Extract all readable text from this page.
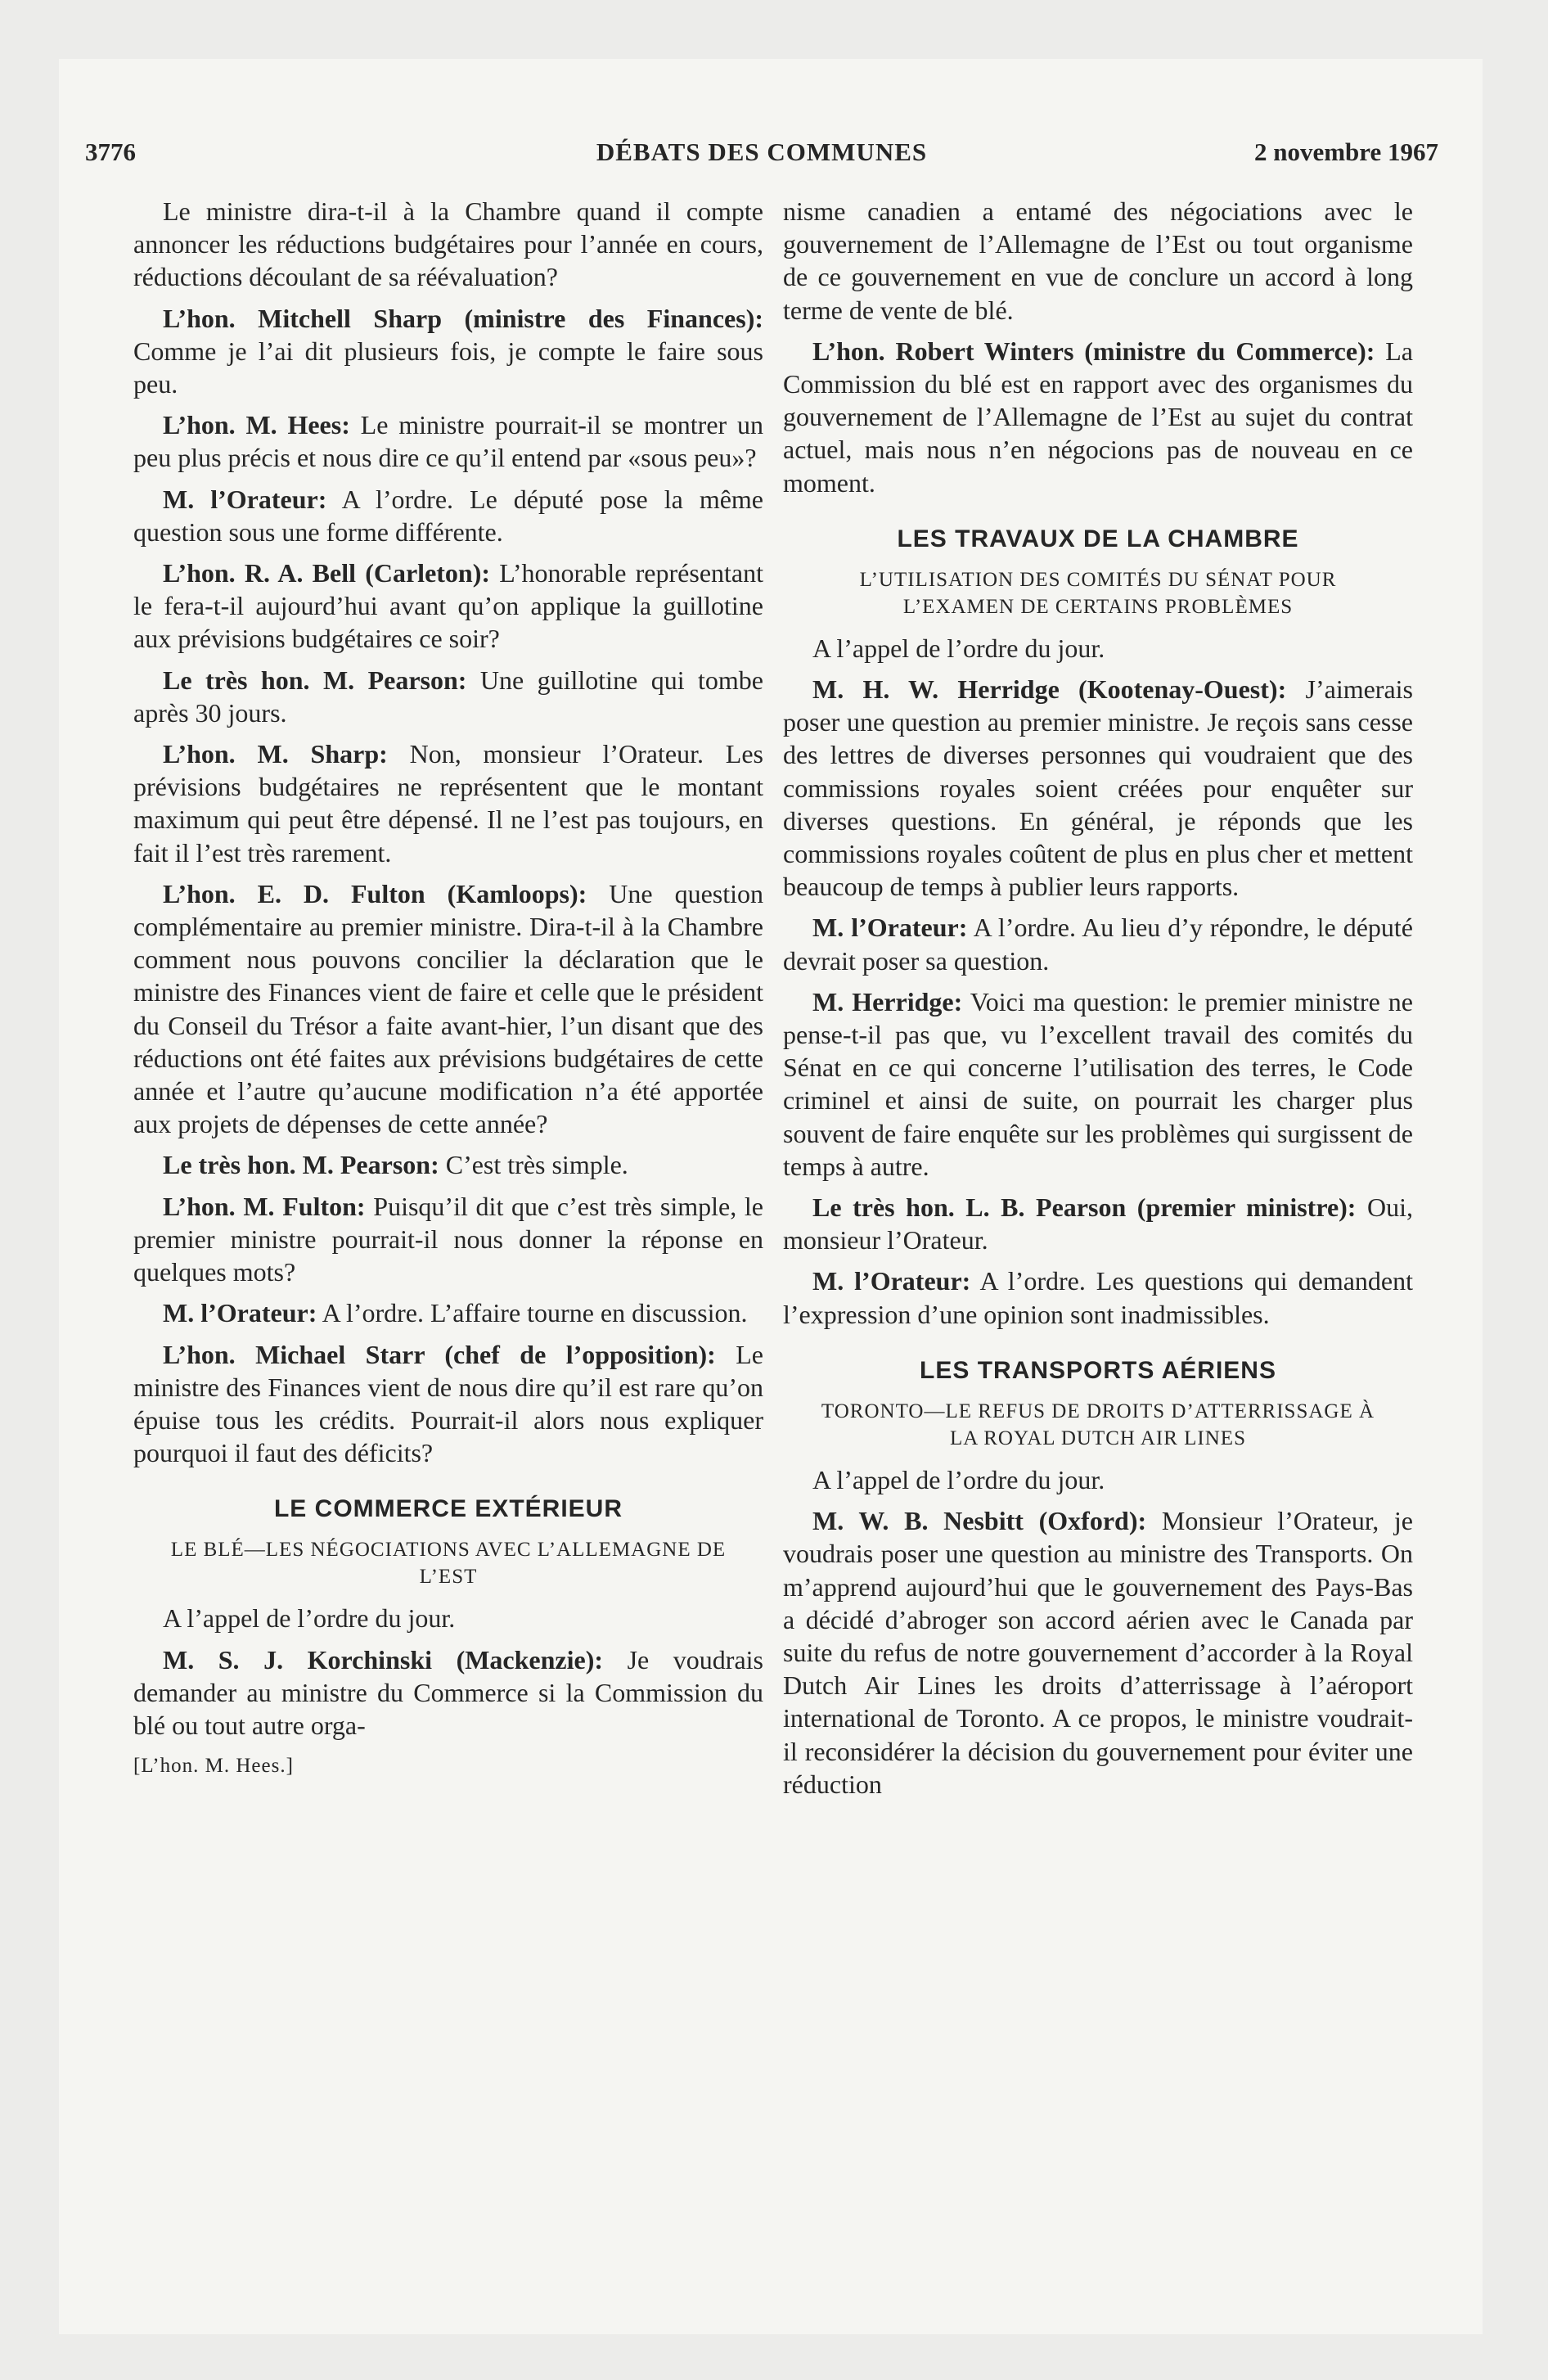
3776	DÉBATS DES COMMUNES	2 novembre 1967

Le ministre dira-t-il à la Chambre quand il compte annoncer les réductions budgétaires pour l’année en cours, réductions découlant de sa réévaluation?

L’hon. Mitchell Sharp (ministre des Finances): Comme je l’ai dit plusieurs fois, je compte le faire sous peu.

L’hon. M. Hees: Le ministre pourrait-il se montrer un peu plus précis et nous dire ce qu’il entend par «sous peu»?

M. l’Orateur: A l’ordre. Le député pose la même question sous une forme différente.

L’hon. R. A. Bell (Carleton): L’honorable représentant le fera-t-il aujourd’hui avant qu’on applique la guillotine aux prévisions budgétaires ce soir?

Le très hon. M. Pearson: Une guillotine qui tombe après 30 jours.

L’hon. M. Sharp: Non, monsieur l’Orateur. Les prévisions budgétaires ne représentent que le montant maximum qui peut être dépensé. Il ne l’est pas toujours, en fait il l’est très rarement.

L’hon. E. D. Fulton (Kamloops): Une question complémentaire au premier ministre. Dira-t-il à la Chambre comment nous pouvons concilier la déclaration que le ministre des Finances vient de faire et celle que le président du Conseil du Trésor a faite avant-hier, l’un disant que des réductions ont été faites aux prévisions budgétaires de cette année et l’autre qu’aucune modification n’a été apportée aux projets de dépenses de cette année?

Le très hon. M. Pearson: C’est très simple.

L’hon. M. Fulton: Puisqu’il dit que c’est très simple, le premier ministre pourrait-il nous donner la réponse en quelques mots?

M. l’Orateur: A l’ordre. L’affaire tourne en discussion.

L’hon. Michael Starr (chef de l’opposition): Le ministre des Finances vient de nous dire qu’il est rare qu’on épuise tous les crédits. Pourrait-il alors nous expliquer pourquoi il faut des déficits?

LE COMMERCE EXTÉRIEUR
LE BLÉ—LES NÉGOCIATIONS AVEC L’ALLEMAGNE DE L’EST

A l’appel de l’ordre du jour.

M. S. J. Korchinski (Mackenzie): Je voudrais demander au ministre du Commerce si la Commission du blé ou tout autre orga-

[L’hon. M. Hees.]

nisme canadien a entamé des négociations avec le gouvernement de l’Allemagne de l’Est ou tout organisme de ce gouvernement en vue de conclure un accord à long terme de vente de blé.

L’hon. Robert Winters (ministre du Commerce): La Commission du blé est en rapport avec des organismes du gouvernement de l’Allemagne de l’Est au sujet du contrat actuel, mais nous n’en négocions pas de nouveau en ce moment.

LES TRAVAUX DE LA CHAMBRE
L’UTILISATION DES COMITÉS DU SÉNAT POUR L’EXAMEN DE CERTAINS PROBLÈMES

A l’appel de l’ordre du jour.

M. H. W. Herridge (Kootenay-Ouest): J’aimerais poser une question au premier ministre. Je reçois sans cesse des lettres de diverses personnes qui voudraient que des commissions royales soient créées pour enquêter sur diverses questions. En général, je réponds que les commissions royales coûtent de plus en plus cher et mettent beaucoup de temps à publier leurs rapports.

M. l’Orateur: A l’ordre. Au lieu d’y répondre, le député devrait poser sa question.

M. Herridge: Voici ma question: le premier ministre ne pense-t-il pas que, vu l’excellent travail des comités du Sénat en ce qui concerne l’utilisation des terres, le Code criminel et ainsi de suite, on pourrait les charger plus souvent de faire enquête sur les problèmes qui surgissent de temps à autre.

Le très hon. L. B. Pearson (premier ministre): Oui, monsieur l’Orateur.

M. l’Orateur: A l’ordre. Les questions qui demandent l’expression d’une opinion sont inadmissibles.

LES TRANSPORTS AÉRIENS
TORONTO—LE REFUS DE DROITS D’ATTERRISSAGE À LA ROYAL DUTCH AIR LINES

A l’appel de l’ordre du jour.

M. W. B. Nesbitt (Oxford): Monsieur l’Orateur, je voudrais poser une question au ministre des Transports. On m’apprend aujourd’hui que le gouvernement des Pays-Bas a décidé d’abroger son accord aérien avec le Canada par suite du refus de notre gouvernement d’accorder à la Royal Dutch Air Lines les droits d’atterrissage à l’aéroport international de Toronto. A ce propos, le ministre voudrait-il reconsidérer la décision du gouvernement pour éviter une réduction
